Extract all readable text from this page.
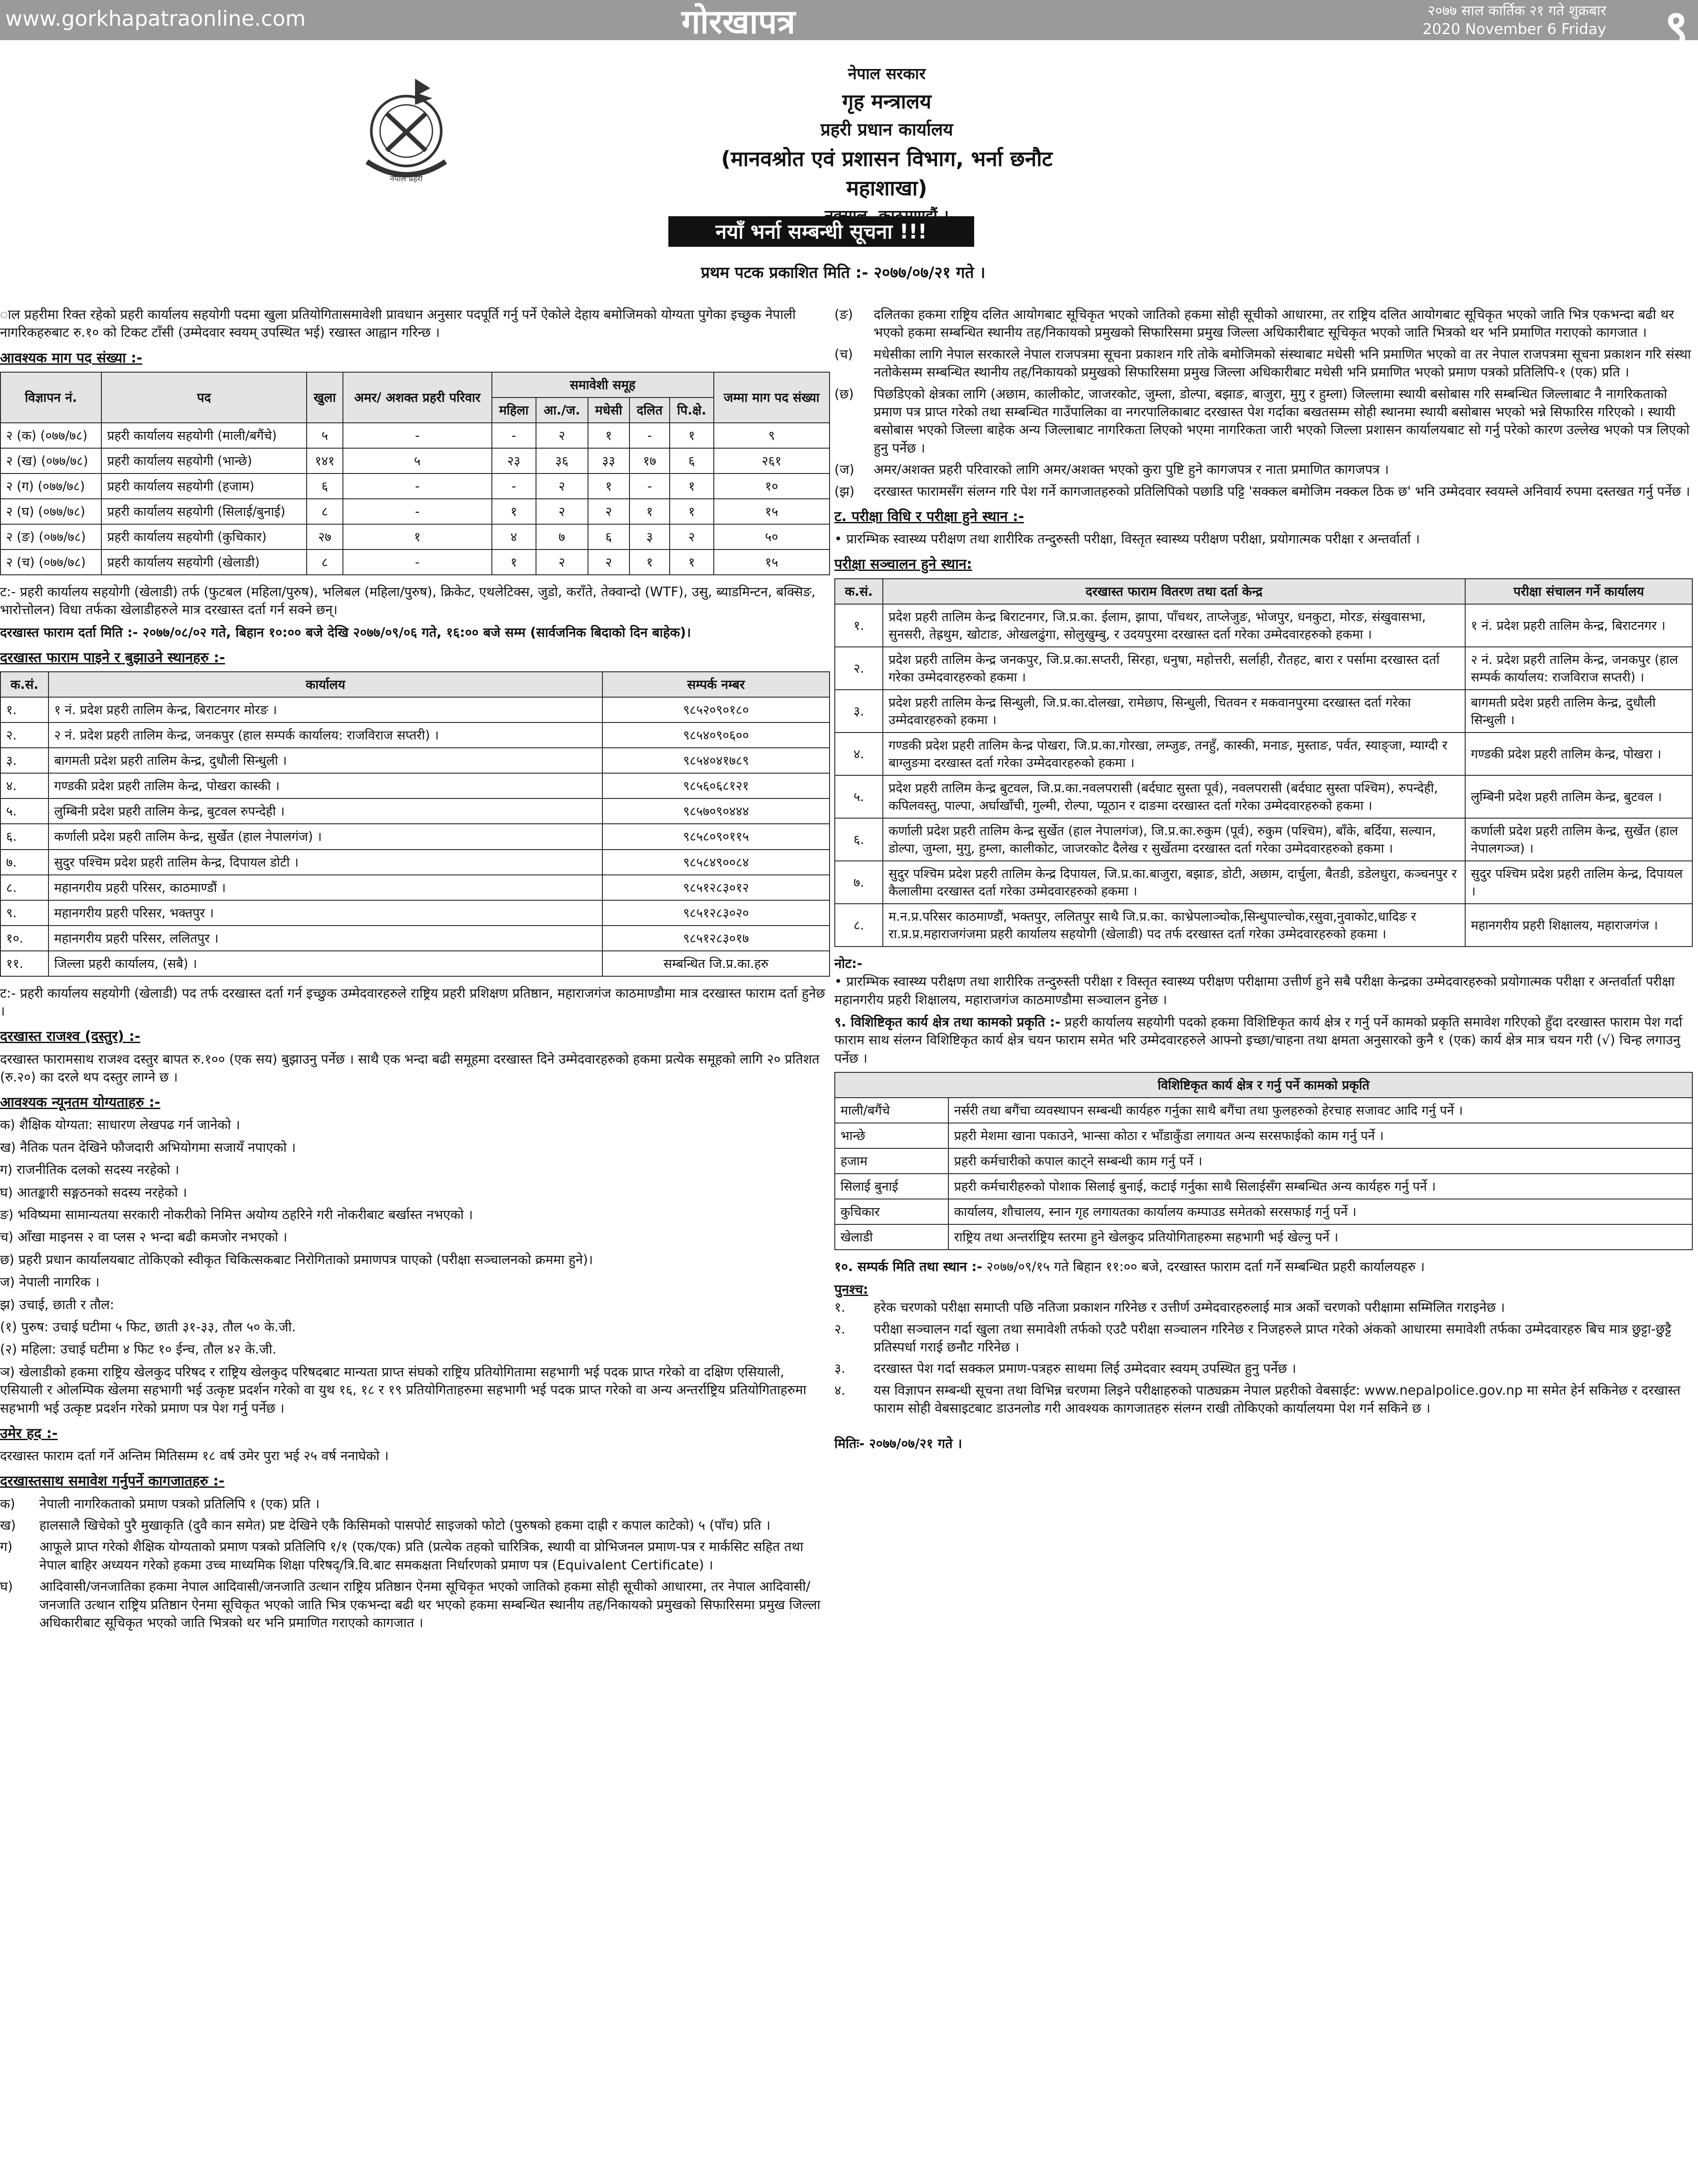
www.gorkhapatraonline.com	गोरखापत्र	२०७७ साल कार्तिक २१ गते शुक्रबार
2020 November 6 Friday ९
नेपाल प्रहरी
नेपाल सरकार
गृह मन्त्रालय
प्रहरी प्रधान कार्यालय
(मानवश्रोत एवं प्रशासन विभाग, भर्ना छनौट महाशाखा)
नयाँ भर्ना सम्बन्धी सूचना !!!
प्रथम पटक प्रकाशित मिति :- २०७७/०७/२१ गते ।

ाल प्रहरीमा रिक्त रहेको प्रहरी कार्यालय सहयोगी पदमा खुला प्रतियोगितासमावेशी प्रावधान अनुसार पदपूर्ति गर्नु पर्ने ऐकोले देहाय बमोजिमको योग्यता पुगेका इच्छुक नेपाली नागरिकहरुबाट रु.१० को टिकट टाँसी (उम्मेदवार स्वयम् उपस्थित भई) रखास्त आह्वान गरिन्छ ।

आवश्यक माग पद संख्या :-
विज्ञापन नं.	पद	खुला	अमर/ अशक्त प्रहरी परिवार	समावेशी समूह					जम्मा माग पद संख्या
				महिला	आ./ज.	मधेसी	दलित	पि.क्षे.	
२ (क) (०७७/७८)	प्रहरी कार्यालय सहयोगी (माली/बगैंचे)	५	-	-	२	१	-	१	९
२ (ख) (०७७/७८)	प्रहरी कार्यालय सहयोगी (भान्छे)	१४१	५	२३	३६	३३	१७	६	२६१
२ (ग) (०७७/७८)	प्रहरी कार्यालय सहयोगी (हजाम)	६	-	-	२	१	-	१	१०
२ (घ) (०७७/७८)	प्रहरी कार्यालय सहयोगी (सिलाई/बुनाई)	८	-	१	२	२	१	१	१५
२ (ङ) (०७७/७८)	प्रहरी कार्यालय सहयोगी (कुचिकार)	२७	१	४	७	६	३	२	५०
२ (च) (०७७/७८)	प्रहरी कार्यालय सहयोगी (खेलाडी)	८	-	१	२	२	१	१	१५

ट:- प्रहरी कार्यालय सहयोगी (खेलाडी) तर्फ (फुटबल (महिला/पुरुष), भलिबल (महिला/पुरुष), क्रिकेट, एथलेटिक्स, जुडो, कराँते, तेक्वान्दो (WTF), उसु, ब्याडमिन्टन, बक्सिङ, भारोत्तोलन) विधा तर्फका खेलाडीहरुले मात्र दरखास्त दर्ता गर्न सक्ने छन्।

दरखास्त फाराम दर्ता मिति :- २०७७/०८/०२ गते, बिहान १०:०० बजे देखि २०७७/०९/०६ गते, १६:०० बजे सम्म (सार्वजनिक बिदाको दिन बाहेक)।

दरखास्त फाराम पाइने र बुझाउने स्थानहरु :-
क.सं.	कार्यालय	सम्पर्क नम्बर
१.	१ नं. प्रदेश प्रहरी तालिम केन्द्र, बिराटनगर मोरङ ।	९८५२०९०१८०
२.	२ नं. प्रदेश प्रहरी तालिम केन्द्र, जनकपुर (हाल सम्पर्क कार्यालय: राजविराज सप्तरी) ।	९८५४०९०६००
३.	बागमती प्रदेश प्रहरी तालिम केन्द्र, दुधौली सिन्धुली ।	९८५४०४१७८९
४.	गण्डकी प्रदेश प्रहरी तालिम केन्द्र, पोखरा कास्की ।	९८५६०६८१२१
५.	लुम्बिनी प्रदेश प्रहरी तालिम केन्द्र, बुटवल रुपन्देही ।	९८५७०९०४४४
६.	कर्णाली प्रदेश प्रहरी तालिम केन्द्र, सुर्खेत (हाल नेपालगंज) ।	९८५८०९०११५
७.	सुदुर पश्चिम प्रदेश प्रहरी तालिम केन्द्र, दिपायल डोटी ।	९८५८४९००८४
८.	महानगरीय प्रहरी परिसर, काठमाण्डौं ।	९८५१२८३०१२
९.	महानगरीय प्रहरी परिसर, भक्तपुर ।	९८५१२८३०२०
१०.	महानगरीय प्रहरी परिसर, ललितपुर ।	९८५१२८३०१७
११.	जिल्ला प्रहरी कार्यालय, (सबै) ।	सम्बन्धित जि.प्र.का.हरु

ट:- प्रहरी कार्यालय सहयोगी (खेलाडी) पद तर्फ दरखास्त दर्ता गर्न इच्छुक उम्मेदवारहरुले राष्ट्रिय प्रहरी प्रशिक्षण प्रतिष्ठान, महाराजगंज काठमाण्डौमा मात्र दरखास्त फाराम दर्ता हुनेछ ।

दरखास्त राजश्व (दस्तुर) :-

दरखास्त फारामसाथ राजश्व दस्तुर बापत रु.१०० (एक सय) बुझाउनु पर्नेछ । साथै एक भन्दा बढी समूहमा दरखास्त दिने उम्मेदवारहरुको हकमा प्रत्येक समूहको लागि २० प्रतिशत (रु.२०) का दरले थप दस्तुर लाग्ने छ ।

आवश्यक न्यूनतम योग्यताहरु :-

क) शैक्षिक योग्यता: साधारण लेखपढ गर्न जानेको ।

ख) नैतिक पतन देखिने फौजदारी अभियोगमा सजायँ नपाएको ।

ग) राजनीतिक दलको सदस्य नरहेको ।

घ) आतङ्कारी सङ्गठनको सदस्य नरहेको ।

ङ) भविष्यमा सामान्यतया सरकारी नोकरीको निमित्त अयोग्य ठहरिने गरी नोकरीबाट बर्खास्त नभएको ।

च) आँखा माइनस २ वा प्लस २ भन्दा बढी कमजोर नभएको ।

छ) प्रहरी प्रधान कार्यालयबाट तोकिएको स्वीकृत चिकित्सकबाट निरोगिताको प्रमाणपत्र पाएको (परीक्षा सञ्चालनको क्रममा हुने)।

ज) नेपाली नागरिक ।

झ) उचाई, छाती र तौल:

(१) पुरुष: उचाई घटीमा ५ फिट, छाती ३१-३३, तौल ५० के.जी.

(२) महिला: उचाई घटीमा ४ फिट १० ईन्च, तौल ४२ के.जी.

ञ) खेलाडीको हकमा राष्ट्रिय खेलकुद परिषद र राष्ट्रिय खेलकुद परिषदबाट मान्यता प्राप्त संघको राष्ट्रिय प्रतियोगितामा सहभागी भई पदक प्राप्त गरेको वा दक्षिण एसियाली, एसियाली र ओलम्पिक खेलमा सहभागी भई उत्कृष्ट प्रदर्शन गरेको वा युथ १६, १८ र १९ प्रतियोगिताहरुमा सहभागी भई पदक प्राप्त गरेको वा अन्य अन्तर्राष्ट्रिय प्रतियोगिताहरुमा सहभागी भई उत्कृष्ट प्रदर्शन गरेको प्रमाण पत्र पेश गर्नु पर्नेछ ।

उमेर हद :-

दरखास्त फाराम दर्ता गर्ने अन्तिम मितिसम्म १८ वर्ष उमेर पुरा भई २५ वर्ष ननाघेको ।

दरखास्तसाथ समावेश गर्नुपर्ने कागजातहरु :-
क)	नेपाली नागरिकताको प्रमाण पत्रको प्रतिलिपि १ (एक) प्रति ।
ख)	हालसालै खिचेको पुरै मुखाकृति (दुवै कान समेत) प्रष्ट देखिने एकै किसिमको पासपोर्ट साइजको फोटो (पुरुषको हकमा दाह्री र कपाल काटेको) ५ (पाँच) प्रति ।
ग)	आफूले प्राप्त गरेको शैक्षिक योग्यताको प्रमाण पत्रको प्रतिलिपि १/१ (एक/एक) प्रति (प्रत्येक तहको चारित्रिक, स्थायी वा प्रोभिजनल प्रमाण-पत्र र मार्कसिट सहित तथा नेपाल बाहिर अध्ययन गरेको हकमा उच्च माध्यमिक शिक्षा परिषद्/त्रि.वि.बाट समकक्षता निर्धारणको प्रमाण पत्र (Equivalent Certificate) ।
घ)	आदिवासी/जनजातिका हकमा नेपाल आदिवासी/जनजाति उत्थान राष्ट्रिय प्रतिष्ठान ऐनमा सूचिकृत भएको जातिको हकमा सोही सूचीको आधारमा, तर नेपाल आदिवासी/जनजाति उत्थान राष्ट्रिय प्रतिष्ठान ऐनमा सूचिकृत भएको जाति भित्र एकभन्दा बढी थर भएको हकमा सम्बन्धित स्थानीय तह/निकायको प्रमुखको सिफारिसमा प्रमुख जिल्ला अधिकारीबाट सूचिकृत भएको जाति भित्रको थर भनि प्रमाणित गराएको कागजात ।
(ङ)	दलितका हकमा राष्ट्रिय दलित आयोगबाट सूचिकृत भएको जातिको हकमा सोही सूचीको आधारमा, तर राष्ट्रिय दलित आयोगबाट सूचिकृत भएको जाति भित्र एकभन्दा बढी थर भएको हकमा सम्बन्धित स्थानीय तह/निकायको प्रमुखको सिफारिसमा प्रमुख जिल्ला अधिकारीबाट सूचिकृत भएको जाति भित्रको थर भनि प्रमाणित गराएको कागजात ।
(च)	मधेसीका लागि नेपाल सरकारले नेपाल राजपत्रमा सूचना प्रकाशन गरि तोके बमोजिमको संस्थाबाट मधेसी भनि प्रमाणित भएको वा तर नेपाल राजपत्रमा सूचना प्रकाशन गरि संस्था नतोकेसम्म सम्बन्धित स्थानीय तह/निकायको प्रमुखको सिफारिसमा प्रमुख जिल्ला अधिकारीबाट मधेसी भनि प्रमाणित भएको प्रमाण पत्रको प्रतिलिपि-१ (एक) प्रति ।
(छ)	पिछडिएको क्षेत्रका लागि (अछाम, कालीकोट, जाजरकोट, जुम्ला, डोल्पा, बझाङ, बाजुरा, मुगु र हुम्ला) जिल्लामा स्थायी बसोबास गरि सम्बन्धित जिल्लाबाट नै नागरिकताको प्रमाण पत्र प्राप्त गरेको तथा सम्बन्धित गाउँपालिका वा नगरपालिकाबाट दरखास्त पेश गर्दाका बखतसम्म सोही स्थानमा स्थायी बसोबास भएको भन्ने सिफारिस गरिएको । स्थायी बसोबास भएको जिल्ला बाहेक अन्य जिल्लाबाट नागरिकता लिएको भएमा नागरिकता जारी भएको जिल्ला प्रशासन कार्यालयबाट सो गर्नु परेको कारण उल्लेख भएको पत्र लिएको हुनु पर्नेछ ।
(ज)	अमर/अशक्त प्रहरी परिवारको लागि अमर/अशक्त भएको कुरा पुष्टि हुने कागजपत्र र नाता प्रमाणित कागजपत्र ।
(झ)	दरखास्त फारामसँग संलग्न गरि पेश गर्ने कागजातहरुको प्रतिलिपिको पछाडि पट्टि 'सक्कल बमोजिम नक्कल ठिक छ' भनि उम्मेदवार स्वयम्ले अनिवार्य रुपमा दस्तखत गर्नु पर्नेछ ।
ट. परीक्षा विधि र परीक्षा हुने स्थान :-

• प्रारम्भिक स्वास्थ्य परीक्षण तथा शारीरिक तन्दुरुस्ती परीक्षा, विस्तृत स्वास्थ्य परीक्षण परीक्षा, प्रयोगात्मक परीक्षा र अन्तर्वार्ता ।

परीक्षा सञ्चालन हुने स्थान:
क.सं.	दरखास्त फाराम वितरण तथा दर्ता केन्द्र	परीक्षा संचालन गर्ने कार्यालय
१.	प्रदेश प्रहरी तालिम केन्द्र बिराटनगर, जि.प्र.का. ईलाम, झापा, पाँचथर, ताप्लेजुङ, भोजपुर, धनकुटा, मोरङ, संखुवासभा, सुनसरी, तेह्रथुम, खोटाङ, ओखलढुंगा, सोलुखुम्बु, र उदयपुरमा दरखास्त दर्ता गरेका उम्मेदवारहरुको हकमा ।	१ नं. प्रदेश प्रहरी तालिम केन्द्र, बिराटनगर ।
२.	प्रदेश प्रहरी तालिम केन्द्र जनकपुर, जि.प्र.का.सप्तरी, सिरहा, धनुषा, महोत्तरी, सर्लाही, रौतहट, बारा र पर्सामा दरखास्त दर्ता गरेका उम्मेदवारहरुको हकमा ।	२ नं. प्रदेश प्रहरी तालिम केन्द्र, जनकपुर (हाल सम्पर्क कार्यालय: राजविराज सप्तरी) ।
३.	प्रदेश प्रहरी तालिम केन्द्र सिन्धुली, जि.प्र.का.दोलखा, रामेछाप, सिन्धुली, चितवन र मकवानपुरमा दरखास्त दर्ता गरेका उम्मेदवारहरुको हकमा ।	बागमती प्रदेश प्रहरी तालिम केन्द्र, दुधौली सिन्धुली ।
४.	गण्डकी प्रदेश प्रहरी तालिम केन्द्र पोखरा, जि.प्र.का.गोरखा, लम्जुङ, तनहुँ, कास्की, मनाङ, मुस्ताङ, पर्वत, स्याङ्जा, म्याग्दी र बाग्लुङमा दरखास्त दर्ता गरेका उम्मेदवारहरुको हकमा ।	गण्डकी प्रदेश प्रहरी तालिम केन्द्र, पोखरा ।
५.	प्रदेश प्रहरी तालिम केन्द्र बुटवल, जि.प्र.का.नवलपरासी (बर्दघाट सुस्ता पूर्व), नवलपरासी (बर्दघाट सुस्ता पश्चिम), रुपन्देही, कपिलवस्तु, पाल्पा, अर्घाखाँची, गुल्मी, रोल्पा, प्यूठान र दाङमा दरखास्त दर्ता गरेका उम्मेदवारहरुको हकमा ।	लुम्बिनी प्रदेश प्रहरी तालिम केन्द्र, बुटवल ।
६.	कर्णाली प्रदेश प्रहरी तालिम केन्द्र सुर्खेत (हाल नेपालगंज), जि.प्र.का.रुकुम (पूर्व), रुकुम (पश्चिम), बाँके, बर्दिया, सल्यान, डोल्पा, जुम्ला, मुगु, हुम्ला, कालीकोट, जाजरकोट दैलेख र सुर्खेतमा दरखास्त दर्ता गरेका उम्मेदवारहरुको हकमा ।	कर्णाली प्रदेश प्रहरी तालिम केन्द्र, सुर्खेत (हाल नेपालगञ्ज) ।
७.	सुदुर पश्चिम प्रदेश प्रहरी तालिम केन्द्र दिपायल, जि.प्र.का.बाजुरा, बझाङ, डोटी, अछाम, दार्चुला, बैतडी, डडेलधुरा, कञ्चनपुर र कैलालीमा दरखास्त दर्ता गरेका उम्मेदवारहरुको हकमा ।	सुदुर पश्चिम प्रदेश प्रहरी तालिम केन्द्र, दिपायल ।
८.	म.न.प्र.परिसर काठमाण्डौं, भक्तपुर, ललितपुर साथै जि.प्र.का. काभ्रेपलाञ्चोक,सिन्धुपाल्चोक,रसुवा,नुवाकोट,धादिङ र रा.प्र.प्र.महाराजगंजमा प्रहरी कार्यालय सहयोगी (खेलाडी) पद तर्फ दरखास्त दर्ता गरेका उम्मेदवारहरुको हकमा ।	महानगरीय प्रहरी शिक्षालय, महाराजगंज ।
नोट:-

• प्रारम्भिक स्वास्थ्य परीक्षण तथा शारीरिक तन्दुरुस्ती परीक्षा र विस्तृत स्वास्थ्य परीक्षण परीक्षामा उत्तीर्ण हुने सबै परीक्षा केन्द्रका उम्मेदवारहरुको प्रयोगात्मक परीक्षा र अन्तर्वार्ता परीक्षा महानगरीय प्रहरी शिक्षालय, महाराजगंज काठमाण्डौमा सञ्चालन हुनेछ ।

९. विशिष्टिकृत कार्य क्षेत्र तथा कामको प्रकृति :- प्रहरी कार्यालय सहयोगी पदको हकमा विशिष्टिकृत कार्य क्षेत्र र गर्नु पर्ने कामको प्रकृति समावेश गरिएको हुँदा दरखास्त फाराम पेश गर्दा फाराम साथ संलग्न विशिष्टिकृत कार्य क्षेत्र चयन फाराम समेत भरि उम्मेदवारहरुले आफ्नो इच्छा/चाहना तथा क्षमता अनुसारको कुनै १ (एक) कार्य क्षेत्र मात्र चयन गरी (√) चिन्ह लगाउनु पर्नेछ ।

विशिष्टिकृत कार्य क्षेत्र र गर्नु पर्ने कामको प्रकृति	
माली/बगैंचे	नर्सरी तथा बगैंचा व्यवस्थापन सम्बन्धी कार्यहरु गर्नुका साथै बगैंचा तथा फुलहरुको हेरचाह सजावट आदि गर्नु पर्ने ।
भान्छे	प्रहरी मेशमा खाना पकाउने, भान्सा कोठा र भाँडाकुँडा लगायत अन्य सरसफाईको काम गर्नु पर्ने ।
हजाम	प्रहरी कर्मचारीको कपाल काट्ने सम्बन्धी काम गर्नु पर्ने ।
सिलाई बुनाई	प्रहरी कर्मचारीहरुको पोशाक सिलाई बुनाई, कटाई गर्नुका साथै सिलाईसँग सम्बन्धित अन्य कार्यहरु गर्नु पर्ने ।
कुचिकार	कार्यालय, शौचालय, स्नान गृह लगायतका कार्यालय कम्पाउड समेतको सरसफाई गर्नु पर्ने ।
खेलाडी	राष्ट्रिय तथा अन्तर्राष्ट्रिय स्तरमा हुने खेलकुद प्रतियोगिताहरुमा सहभागी भई खेल्नु पर्ने ।

१०. सम्पर्क मिति तथा स्थान :- २०७७/०९/१५ गते बिहान ११:०० बजे, दरखास्त फाराम दर्ता गर्ने सम्बन्धित प्रहरी कार्यालयहरु ।

पुनश्च:
१.	हरेक चरणको परीक्षा समाप्ती पछि नतिजा प्रकाशन गरिनेछ र उत्तीर्ण उम्मेदवारहरुलाई मात्र अर्को चरणको परीक्षामा सम्मिलित गराइनेछ ।
२.	परीक्षा सञ्चालन गर्दा खुला तथा समावेशी तर्फको एउटै परीक्षा सञ्चालन गरिनेछ र निजहरुले प्राप्त गरेको अंकको आधारमा समावेशी तर्फका उम्मेदवारहरु बिच मात्र छुट्टा-छुट्टै प्रतिस्पर्धा गराई छनौट गरिनेछ ।
३.	दरखास्त पेश गर्दा सक्कल प्रमाण-पत्रहरु साथमा लिई उम्मेदवार स्वयम् उपस्थित हुनु पर्नेछ ।
४.	यस विज्ञापन सम्बन्धी सूचना तथा विभिन्न चरणमा लिइने परीक्षाहरुको पाठ्यक्रम नेपाल प्रहरीको वेबसाईट: www.nepalpolice.gov.np मा समेत हेर्न सकिनेछ र दरखास्त फाराम सोही वेबसाइटबाट डाउनलोड गरी आवश्यक कागजातहरु संलग्न राखी तोकिएको कार्यालयमा पेश गर्न सकिने छ ।

मितिः- २०७७/०७/२१ गते ।
